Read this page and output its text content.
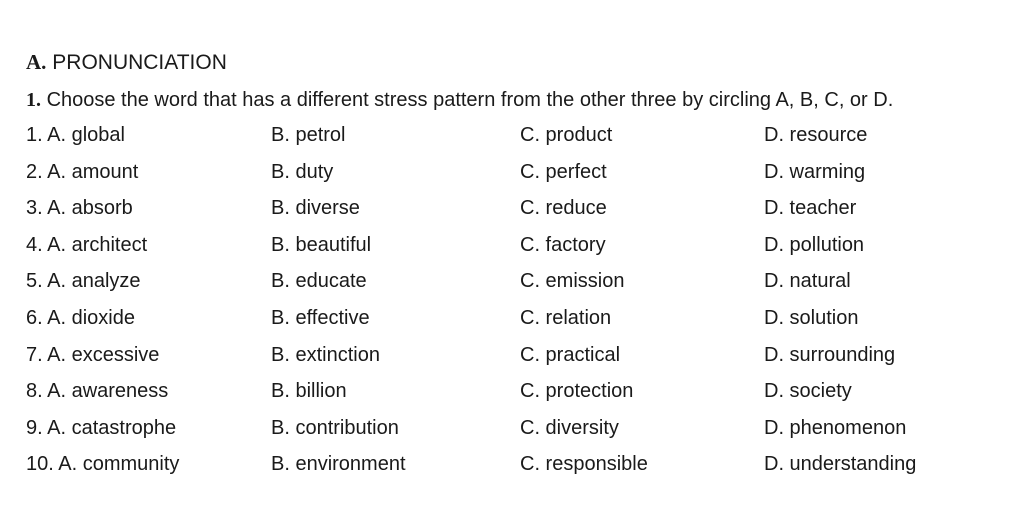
A. PRONUNCIATION
1. Choose the word that has a different stress pattern from the other three by circling A, B, C, or D.
1. A. global	B. petrol	C. product	D. resource
2. A. amount	B. duty	C. perfect	D. warming
3. A. absorb	B. diverse	C. reduce	D. teacher
4. A. architect	B. beautiful	C. factory	D. pollution
5. A. analyze	B. educate	C. emission	D. natural
6. A. dioxide	B. effective	C. relation	D. solution
7. A. excessive	B. extinction	C. practical	D. surrounding
8. A. awareness	B. billion	C. protection	D. society
9. A. catastrophe	B. contribution	C. diversity	D. phenomenon
10. A. community	B. environment	C. responsible	D. understanding
